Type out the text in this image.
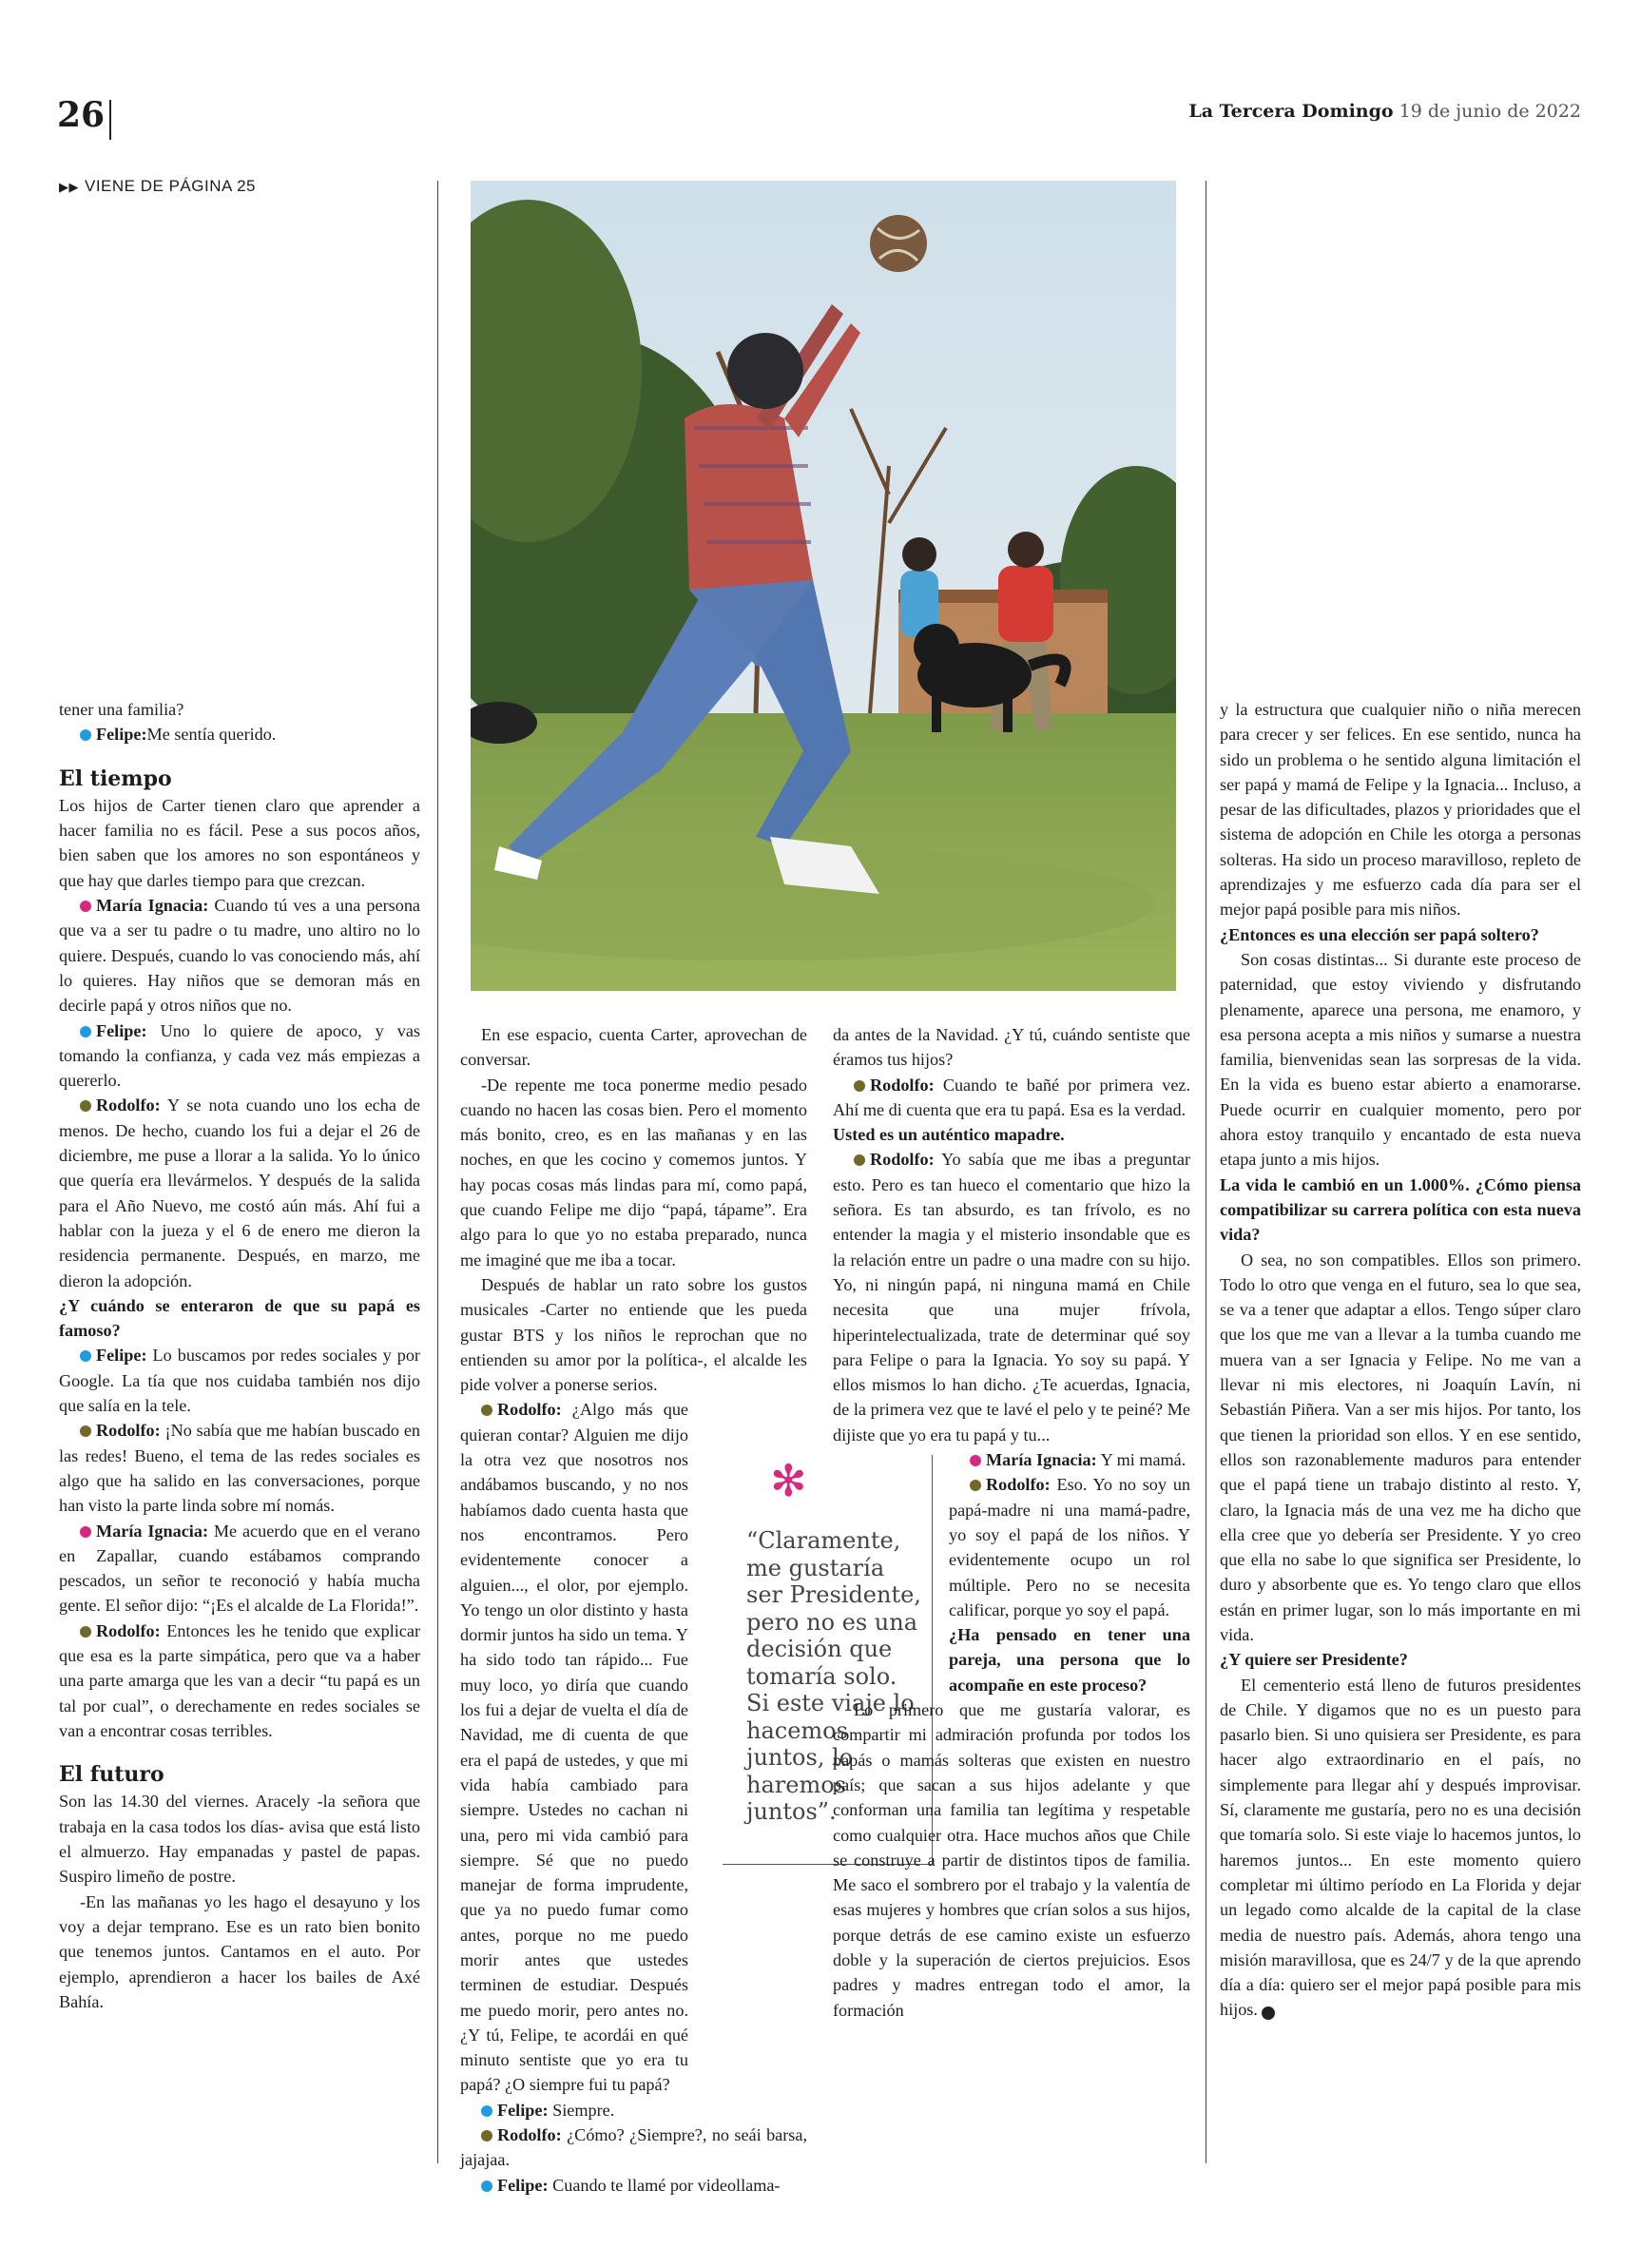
26	La Tercera Domingo 19 de junio de 2022
▶▶ VIENE DE PÁGINA 25

tener una familia?

Felipe:Me sentía querido.

El tiempo

Los hijos de Carter tienen claro que aprender a hacer familia no es fácil. Pese a sus pocos años, bien saben que los amores no son espontáneos y que hay que darles tiempo para que crezcan.

María Ignacia: Cuando tú ves a una persona que va a ser tu padre o tu madre, uno altiro no lo quiere. Después, cuando lo vas conociendo más, ahí lo quieres. Hay niños que se demoran más en decirle papá y otros niños que no.

Felipe: Uno lo quiere de apoco, y vas tomando la confianza, y cada vez más empiezas a quererlo.

Rodolfo: Y se nota cuando uno los echa de menos. De hecho, cuando los fui a dejar el 26 de diciembre, me puse a llorar a la salida. Yo lo único que quería era llevármelos. Y después de la salida para el Año Nuevo, me costó aún más. Ahí fui a hablar con la jueza y el 6 de enero me dieron la residencia permanente. Después, en marzo, me dieron la adopción.

¿Y cuándo se enteraron de que su papá es famoso?

Felipe: Lo buscamos por redes sociales y por Google. La tía que nos cuidaba también nos dijo que salía en la tele.

Rodolfo: ¡No sabía que me habían buscado en las redes! Bueno, el tema de las redes sociales es algo que ha salido en las conversaciones, porque han visto la parte linda sobre mí nomás.

María Ignacia: Me acuerdo que en el verano en Zapallar, cuando estábamos comprando pescados, un señor te reconoció y había mucha gente. El señor dijo: “¡Es el alcalde de La Florida!”.

Rodolfo: Entonces les he tenido que explicar que esa es la parte simpática, pero que va a haber una parte amarga que les van a decir “tu papá es un tal por cual”, o derechamente en redes sociales se van a encontrar cosas terribles.

El futuro

Son las 14.30 del viernes. Aracely -la señora que trabaja en la casa todos los días- avisa que está listo el almuerzo. Hay empanadas y pastel de papas. Suspiro limeño de postre.

-En las mañanas yo les hago el desayuno y los voy a dejar temprano. Ese es un rato bien bonito que tenemos juntos. Cantamos en el auto. Por ejemplo, aprendieron a hacer los bailes de Axé Bahía.

En ese espacio, cuenta Carter, aprovechan de conversar.

-De repente me toca ponerme medio pesado cuando no hacen las cosas bien. Pero el momento más bonito, creo, es en las mañanas y en las noches, en que les cocino y comemos juntos. Y hay pocas cosas más lindas para mí, como papá, que cuando Felipe me dijo “papá, tápame”. Era algo para lo que yo no estaba preparado, nunca me imaginé que me iba a tocar.

Después de hablar un rato sobre los gustos musicales -Carter no entiende que les pueda gustar BTS y los niños le reprochan que no entienden su amor por la política-, el alcalde les pide volver a ponerse serios.

Rodolfo: ¿Algo más que quieran contar? Alguien me dijo la otra vez que nosotros nos andábamos buscando, y no nos habíamos dado cuenta hasta que nos encontramos. Pero evidentemente conocer a alguien..., el olor, por ejemplo. Yo tengo un olor distinto y hasta dormir juntos ha sido un tema. Y ha sido todo tan rápido... Fue muy loco, yo diría que cuando los fui a dejar de vuelta el día de Navidad, me di cuenta de que era el papá de ustedes, y que mi vida había cambiado para siempre. Ustedes no cachan ni una, pero mi vida cambió para siempre. Sé que no puedo manejar de forma imprudente, que ya no puedo fumar como antes, porque no me puedo morir antes que ustedes terminen de estudiar. Después me puedo morir, pero antes no. ¿Y tú, Felipe, te acordái en qué minuto sentiste que yo era tu papá? ¿O siempre fui tu papá?

Felipe: Siempre.

Rodolfo: ¿Cómo? ¿Siempre?, no seái barsa, jajajaa.

Felipe: Cuando te llamé por videollama-

✻
“Claramente, me gustaría ser Presidente, pero no es una decisión que tomaría solo. Si este viaje lo hacemos juntos, lo haremos juntos”.

da antes de la Navidad. ¿Y tú, cuándo sentiste que éramos tus hijos?

Rodolfo: Cuando te bañé por primera vez. Ahí me di cuenta que era tu papá. Esa es la verdad.

Usted es un auténtico mapadre.

Rodolfo: Yo sabía que me ibas a preguntar esto. Pero es tan hueco el comentario que hizo la señora. Es tan absurdo, es tan frívolo, es no entender la magia y el misterio insondable que es la relación entre un padre o una madre con su hijo. Yo, ni ningún papá, ni ninguna mamá en Chile necesita que una mujer frívola, hiperintelectualizada, trate de determinar qué soy para Felipe o para la Ignacia. Yo soy su papá. Y ellos mismos lo han dicho. ¿Te acuerdas, Ignacia, de la primera vez que te lavé el pelo y te peiné? Me dijiste que yo era tu papá y tu...

María Ignacia: Y mi mamá.

Rodolfo: Eso. Yo no soy un papá-madre ni una mamá-padre, yo soy el papá de los niños. Y evidentemente ocupo un rol múltiple. Pero no se necesita calificar, porque yo soy el papá.

¿Ha pensado en tener una pareja, una persona que lo acompañe en este proceso?

Lo primero que me gustaría valorar, es compartir mi admiración profunda por todos los papás o mamás solteras que existen en nuestro país; que sacan a sus hijos adelante y que conforman una familia tan legítima y respetable como cualquier otra. Hace muchos años que Chile se construye a partir de distintos tipos de familia. Me saco el sombrero por el trabajo y la valentía de esas mujeres y hombres que crían solos a sus hijos, porque detrás de ese camino existe un esfuerzo doble y la superación de ciertos prejuicios. Esos padres y madres entregan todo el amor, la formación

y la estructura que cualquier niño o niña merecen para crecer y ser felices. En ese sentido, nunca ha sido un problema o he sentido alguna limitación el ser papá y mamá de Felipe y la Ignacia... Incluso, a pesar de las dificultades, plazos y prioridades que el sistema de adopción en Chile les otorga a personas solteras. Ha sido un proceso maravilloso, repleto de aprendizajes y me esfuerzo cada día para ser el mejor papá posible para mis niños.

¿Entonces es una elección ser papá soltero?

Son cosas distintas... Si durante este proceso de paternidad, que estoy viviendo y disfrutando plenamente, aparece una persona, me enamoro, y esa persona acepta a mis niños y sumarse a nuestra familia, bienvenidas sean las sorpresas de la vida. En la vida es bueno estar abierto a enamorarse. Puede ocurrir en cualquier momento, pero por ahora estoy tranquilo y encantado de esta nueva etapa junto a mis hijos.

La vida le cambió en un 1.000%. ¿Cómo piensa compatibilizar su carrera política con esta nueva vida?

O sea, no son compatibles. Ellos son primero. Todo lo otro que venga en el futuro, sea lo que sea, se va a tener que adaptar a ellos. Tengo súper claro que los que me van a llevar a la tumba cuando me muera van a ser Ignacia y Felipe. No me van a llevar ni mis electores, ni Joaquín Lavín, ni Sebastián Piñera. Van a ser mis hijos. Por tanto, los que tienen la prioridad son ellos. Y en ese sentido, ellos son razonablemente maduros para entender que el papá tiene un trabajo distinto al resto. Y, claro, la Ignacia más de una vez me ha dicho que ella cree que yo debería ser Presidente. Y yo creo que ella no sabe lo que significa ser Presidente, lo duro y absorbente que es. Yo tengo claro que ellos están en primer lugar, son lo más importante en mi vida.

¿Y quiere ser Presidente?

El cementerio está lleno de futuros presidentes de Chile. Y digamos que no es un puesto para pasarlo bien. Si uno quisiera ser Presidente, es para hacer algo extraordinario en el país, no simplemente para llegar ahí y después improvisar. Sí, claramente me gustaría, pero no es una decisión que tomaría solo. Si este viaje lo hacemos juntos, lo haremos juntos... En este momento quiero completar mi último período en La Florida y dejar un legado como alcalde de la capital de la clase media de nuestro país. Además, ahora tengo una misión maravillosa, que es 24/7 y de la que aprendo día a día: quiero ser el mejor papá posible para mis hijos.	T
